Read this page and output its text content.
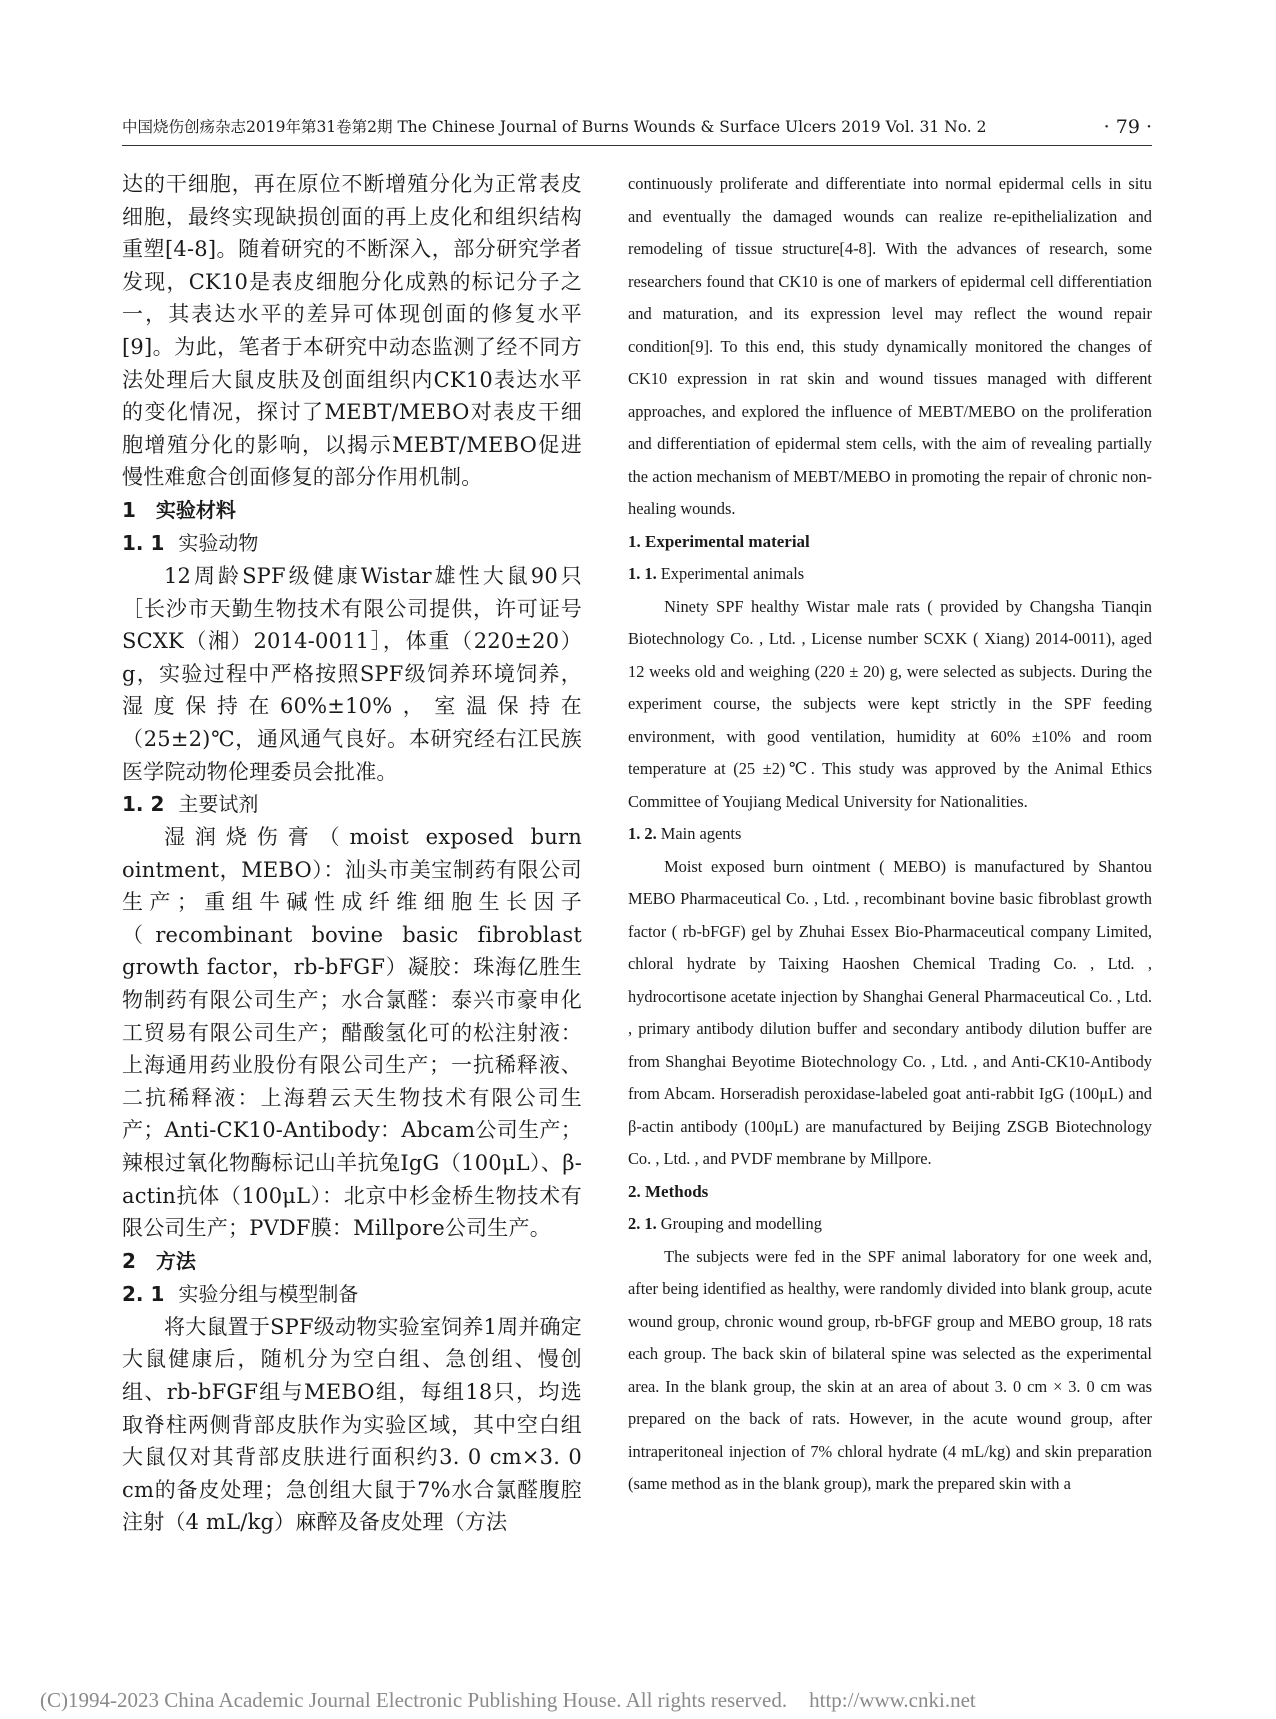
中国烧伤创疡杂志2019年第31卷第2期 The Chinese Journal of Burns Wounds & Surface Ulcers 2019 Vol. 31 No. 2	· 79 ·

达的干细胞，再在原位不断增殖分化为正常表皮细胞，最终实现缺损创面的再上皮化和组织结构重塑[4-8]。随着研究的不断深入，部分研究学者发现，CK10是表皮细胞分化成熟的标记分子之一，其表达水平的差异可体现创面的修复水平[9]。为此，笔者于本研究中动态监测了经不同方法处理后大鼠皮肤及创面组织内CK10表达水平的变化情况，探讨了MEBT/MEBO对表皮干细胞增殖分化的影响，以揭示MEBT/MEBO促进慢性难愈合创面修复的部分作用机制。

1 实验材料
1. 1 实验动物

12周龄SPF级健康Wistar雄性大鼠90只［长沙市天勤生物技术有限公司提供，许可证号SCXK（湘）2014-0011］，体重（220±20）g，实验过程中严格按照SPF级饲养环境饲养，湿度保持在60%±10%，室温保持在（25±2)℃，通风通气良好。本研究经右江民族医学院动物伦理委员会批准。

1. 2 主要试剂

湿润烧伤膏（moist exposed burn ointment，MEBO）：汕头市美宝制药有限公司生产；重组牛碱性成纤维细胞生长因子（recombinant bovine basic fibroblast growth factor，rb-bFGF）凝胶：珠海亿胜生物制药有限公司生产；水合氯醛：泰兴市豪申化工贸易有限公司生产；醋酸氢化可的松注射液：上海通用药业股份有限公司生产；一抗稀释液、二抗稀释液：上海碧云天生物技术有限公司生产；Anti-CK10-Antibody：Abcam公司生产；辣根过氧化物酶标记山羊抗兔IgG（100μL）、β-actin抗体（100μL）：北京中杉金桥生物技术有限公司生产；PVDF膜：Millpore公司生产。

2 方法
2. 1 实验分组与模型制备

将大鼠置于SPF级动物实验室饲养1周并确定大鼠健康后，随机分为空白组、急创组、慢创组、rb-bFGF组与MEBO组，每组18只，均选取脊柱两侧背部皮肤作为实验区域，其中空白组大鼠仅对其背部皮肤进行面积约3. 0 cm×3. 0 cm的备皮处理；急创组大鼠于7%水合氯醛腹腔注射（4 mL/kg）麻醉及备皮处理（方法

continuously proliferate and differentiate into normal epidermal cells in situ and eventually the damaged wounds can realize re-epithelialization and remodeling of tissue structure[4-8]. With the advances of research, some researchers found that CK10 is one of markers of epidermal cell differentiation and maturation, and its expression level may reflect the wound repair condition[9]. To this end, this study dynamically monitored the changes of CK10 expression in rat skin and wound tissues managed with different approaches, and explored the influence of MEBT/MEBO on the proliferation and differentiation of epidermal stem cells, with the aim of revealing partially the action mechanism of MEBT/MEBO in promoting the repair of chronic non-healing wounds.

1. Experimental material
1. 1. Experimental animals

Ninety SPF healthy Wistar male rats ( provided by Changsha Tianqin Biotechnology Co. , Ltd. , License number SCXK ( Xiang) 2014-0011), aged 12 weeks old and weighing (220 ± 20) g, were selected as subjects. During the experiment course, the subjects were kept strictly in the SPF feeding environment, with good ventilation, humidity at 60% ±10% and room temperature at (25 ±2)℃. This study was approved by the Animal Ethics Committee of Youjiang Medical University for Nationalities.

1. 2. Main agents

Moist exposed burn ointment ( MEBO) is manufactured by Shantou MEBO Pharmaceutical Co. , Ltd. , recombinant bovine basic fibroblast growth factor ( rb-bFGF) gel by Zhuhai Essex Bio-Pharmaceutical company Limited, chloral hydrate by Taixing Haoshen Chemical Trading Co. , Ltd. , hydrocortisone acetate injection by Shanghai General Pharmaceutical Co. , Ltd. , primary antibody dilution buffer and secondary antibody dilution buffer are from Shanghai Beyotime Biotechnology Co. , Ltd. , and Anti-CK10-Antibody from Abcam. Horseradish peroxidase-labeled goat anti-rabbit IgG (100μL) and β-actin antibody (100μL) are manufactured by Beijing ZSGB Biotechnology Co. , Ltd. , and PVDF membrane by Millpore.

2. Methods
2. 1. Grouping and modelling

The subjects were fed in the SPF animal laboratory for one week and, after being identified as healthy, were randomly divided into blank group, acute wound group, chronic wound group, rb-bFGF group and MEBO group, 18 rats each group. The back skin of bilateral spine was selected as the experimental area. In the blank group, the skin at an area of about 3. 0 cm × 3. 0 cm was prepared on the back of rats. However, in the acute wound group, after intraperitoneal injection of 7% chloral hydrate (4 mL/kg) and skin preparation (same method as in the blank group), mark the prepared skin with a

(C)1994-2023 China Academic Journal Electronic Publishing House. All rights reserved. http://www.cnki.net
